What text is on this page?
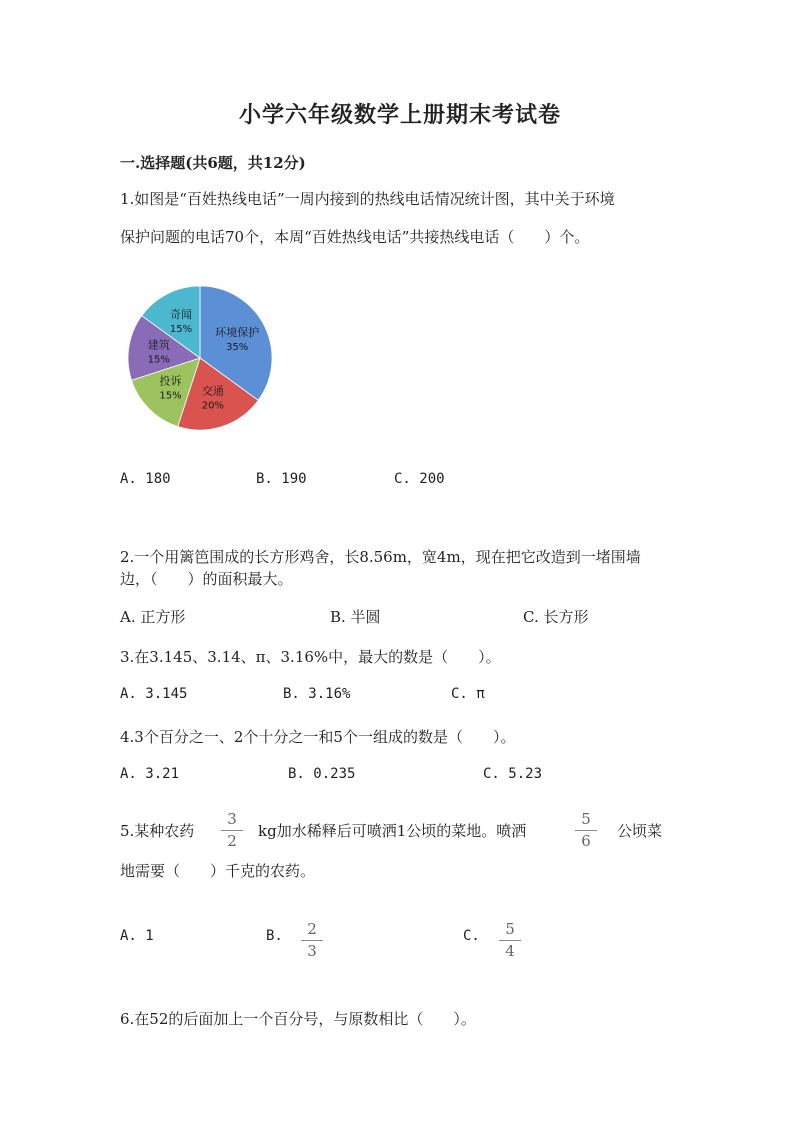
小学六年级数学上册期末考试卷
一.选择题(共6题，共12分)
1.如图是“百姓热线电话”一周内接到的热线电话情况统计图，其中关于环境
保护问题的电话70个，本周“百姓热线电话”共接热线电话（　　）个。
环境保护
35%
交通
20%
投诉
15%
建筑
15%
奇闻
15%
A. 180	B. 190	C. 200
2.一个用篱笆围成的长方形鸡舍，长8.56m，宽4m，现在把它改造到一堵围墙
边，（　　）的面积最大。
A. 正方形	B. 半圆	C. 长方形
3.在3.145、3.14、π、3.16%中，最大的数是（　　）。
A. 3.145	B. 3.16%	C. π
4.3个百分之一、2个十分之一和5个一组成的数是（　　）。
A. 3.21	B. 0.235	C. 5.23
5.某种农药 $\frac{3}{2}$ kg加水稀释后可喷洒1公顷的菜地。喷洒	$\frac{5}{6}$ 公顷菜
地需要（　　）千克的农药。
A. 1	B. $\frac{2}{3}$	C. $\frac{5}{4}$
6.在52的后面加上一个百分号，与原数相比（　　）。
